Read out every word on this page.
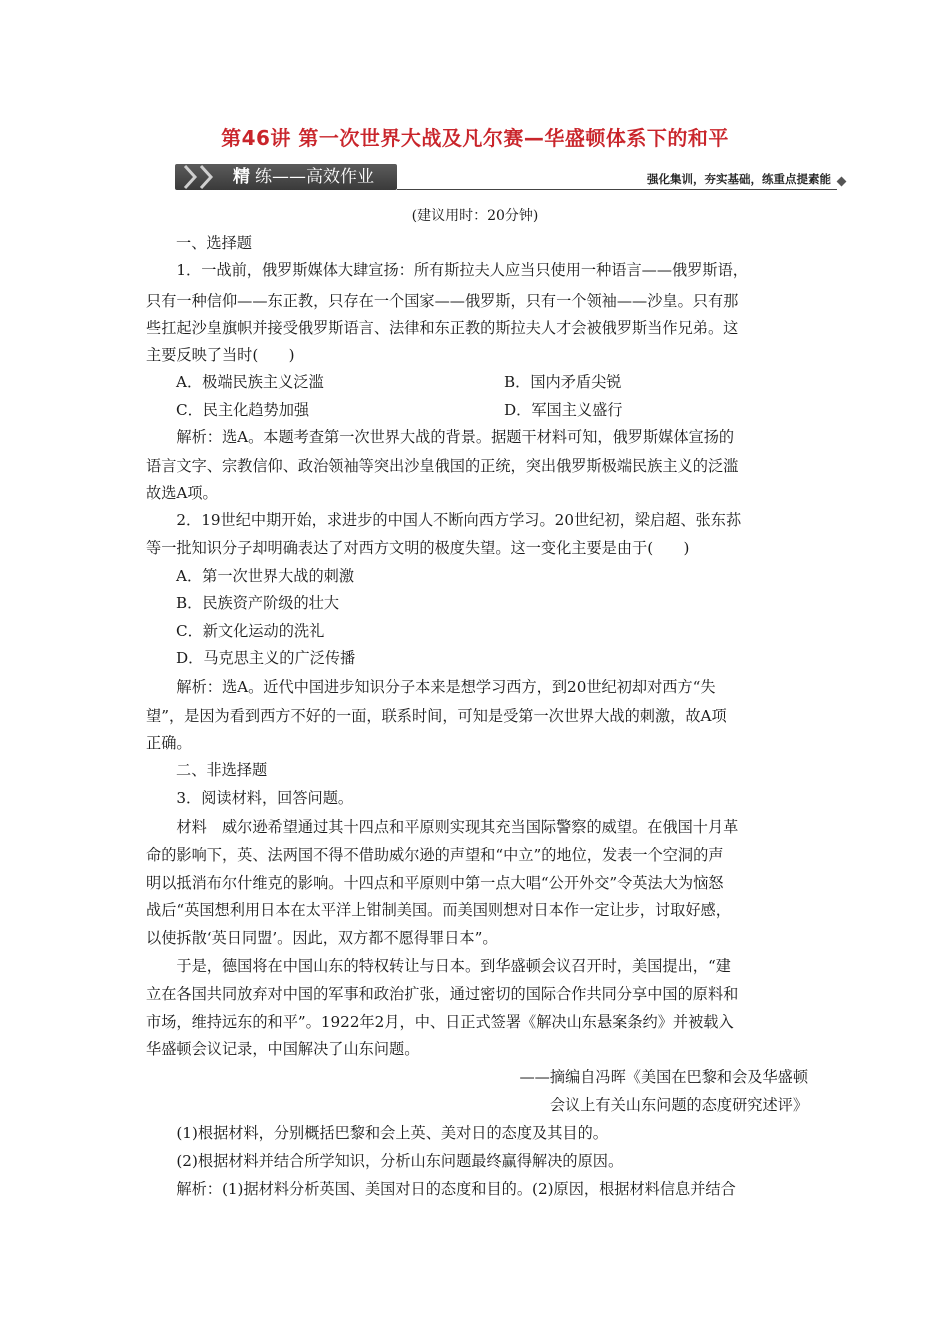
第46讲 第一次世界大战及凡尔赛—华盛顿体系下的和平
精 练——高效作业	强化集训，夯实基础，练重点提素能
(建议用时：20分钟)
一、选择题
　　1．一战前，俄罗斯媒体大肆宣扬：所有斯拉夫人应当只使用一种语言——俄罗斯语，
只有一种信仰——东正教，只存在一个国家——俄罗斯，只有一个领袖——沙皇。只有那
些扛起沙皇旗帜并接受俄罗斯语言、法律和东正教的斯拉夫人才会被俄罗斯当作兄弟。这
主要反映了当时(　　)
A．极端民族主义泛滥	B．国内矛盾尖锐
C．民主化趋势加强	D．军国主义盛行
　　解析：选A。本题考查第一次世界大战的背景。据题干材料可知，俄罗斯媒体宣扬的
语言文字、宗教信仰、政治领袖等突出沙皇俄国的正统，突出俄罗斯极端民族主义的泛滥
故选A项。
　　2．19世纪中期开始，求进步的中国人不断向西方学习。20世纪初，梁启超、张东荪
等一批知识分子却明确表达了对西方文明的极度失望。这一变化主要是由于(　　)
A．第一次世界大战的刺激
B．民族资产阶级的壮大
C．新文化运动的洗礼
D．马克思主义的广泛传播
　　解析：选A。近代中国进步知识分子本来是想学习西方，到20世纪初却对西方“失
望”，是因为看到西方不好的一面，联系时间，可知是受第一次世界大战的刺激，故A项
正确。
二、非选择题
　　3．阅读材料，回答问题。
　　材料　威尔逊希望通过其十四点和平原则实现其充当国际警察的威望。在俄国十月革
命的影响下，英、法两国不得不借助威尔逊的声望和“中立”的地位，发表一个空洞的声
明以抵消布尔什维克的影响。十四点和平原则中第一点大唱“公开外交”令英法大为恼怒
战后“英国想利用日本在太平洋上钳制美国。而美国则想对日本作一定让步，讨取好感，
以使拆散‘英日同盟’。因此，双方都不愿得罪日本”。
　　于是，德国将在中国山东的特权转让与日本。到华盛顿会议召开时，美国提出，“建
立在各国共同放弃对中国的军事和政治扩张，通过密切的国际合作共同分享中国的原料和
市场，维持远东的和平”。1922年2月，中、日正式签署《解决山东悬案条约》并被载入
华盛顿会议记录，中国解决了山东问题。
——摘编自冯晖《美国在巴黎和会及华盛顿
会议上有关山东问题的态度研究述评》
　　(1)根据材料，分别概括巴黎和会上英、美对日的态度及其目的。
　　(2)根据材料并结合所学知识，分析山东问题最终赢得解决的原因。
　　解析：(1)据材料分析英国、美国对日的态度和目的。(2)原因，根据材料信息并结合
